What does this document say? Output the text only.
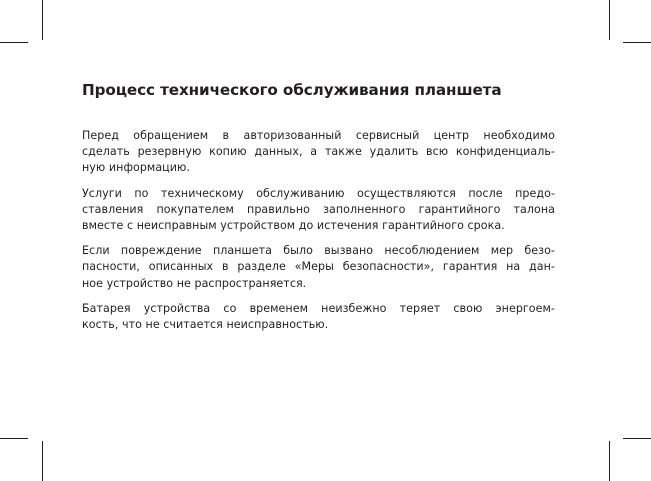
Процесс технического обслуживания планшета

Перед обращением в авторизованный сервисный центр необходимо
сделать резервную копию данных, а также удалить всю конфиденциаль-
ную информацию.

Услуги по техническому обслуживанию осуществляются после предо-
ставления покупателем правильно заполненного гарантийного талона
вместе с неисправным устройством до истечения гарантийного срока.

Если повреждение планшета было вызвано несоблюдением мер безо-
пасности, описанных в разделе «Меры безопасности», гарантия на дан-
ное устройство не распространяется.

Батарея устройства со временем неизбежно теряет свою энергоем-
кость, что не считается неисправностью.
